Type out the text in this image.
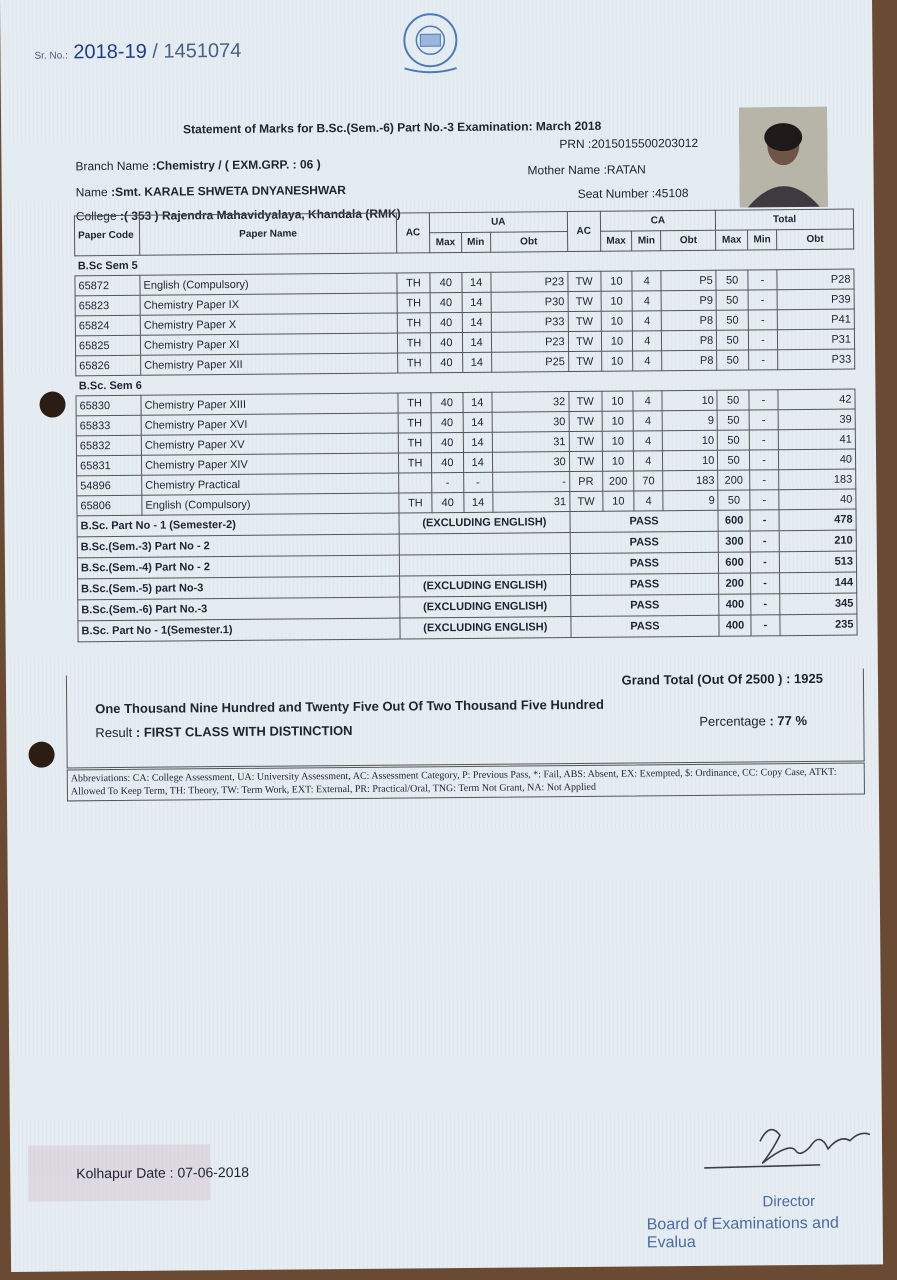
Sr. No.: 2018-19 / 1451074
Statement of Marks for B.Sc.(Sem.-6) Part No.-3 Examination: March 2018
Branch Name :Chemistry / ( EXM.GRP. : 06 )
PRN :2015015500203012
Name :Smt. KARALE SHWETA DNYANESHWAR
Mother Name :RATAN
College :( 353 ) Rajendra Mahavidyalaya, Khandala (RMK)
Seat Number :45108
Paper Code	Paper Name	AC	UA			AC	CA			Total		
			Max	Min	Obt		Max	Min	Obt	Max	Min	Obt
B.Sc Sem 5												
65872	English (Compulsory)	TH	40	14	P23	TW	10	4	P5	50	-	P28
65823	Chemistry Paper IX	TH	40	14	P30	TW	10	4	P9	50	-	P39
65824	Chemistry Paper X	TH	40	14	P33	TW	10	4	P8	50	-	P41
65825	Chemistry Paper XI	TH	40	14	P23	TW	10	4	P8	50	-	P31
65826	Chemistry Paper XII	TH	40	14	P25	TW	10	4	P8	50	-	P33
B.Sc. Sem 6												
65830	Chemistry Paper XIII	TH	40	14	32	TW	10	4	10	50	-	42
65833	Chemistry Paper XVI	TH	40	14	30	TW	10	4	9	50	-	39
65832	Chemistry Paper XV	TH	40	14	31	TW	10	4	10	50	-	41
65831	Chemistry Paper XIV	TH	40	14	30	TW	10	4	10	50	-	40
54896	Chemistry Practical		-	-	-	PR	200	70	183	200	-	183
65806	English (Compulsory)	TH	40	14	31	TW	10	4	9	50	-	40
B.Sc. Part No - 1 (Semester-2)		(EXCLUDING ENGLISH)				PASS				600	-	478
B.Sc.(Sem.-3) Part No - 2						PASS				300	-	210
B.Sc.(Sem.-4) Part No - 2						PASS				600	-	513
B.Sc.(Sem.-5) part No-3		(EXCLUDING ENGLISH)				PASS				200	-	144
B.Sc.(Sem.-6) Part No.-3		(EXCLUDING ENGLISH)				PASS				400	-	345
B.Sc. Part No - 1(Semester.1)		(EXCLUDING ENGLISH)				PASS				400	-	235
Grand Total (Out Of 2500 ) : 1925
One Thousand Nine Hundred and Twenty Five Out Of Two Thousand Five Hundred
Result : FIRST CLASS WITH DISTINCTION
Percentage : 77 %
Abbreviations: CA: College Assessment, UA: University Assessment, AC: Assessment Category, P: Previous Pass, *: Fail, ABS: Absent, EX: Exempted, $: Ordinance, CC: Copy Case, ATKT: Allowed To Keep Term, TH: Theory, TW: Term Work, EXT: External, PR: Practical/Oral, TNG: Term Not Grant, NA: Not Applied
Kolhapur Date : 07-06-2018
Director
Board of Examinations and Evalua
